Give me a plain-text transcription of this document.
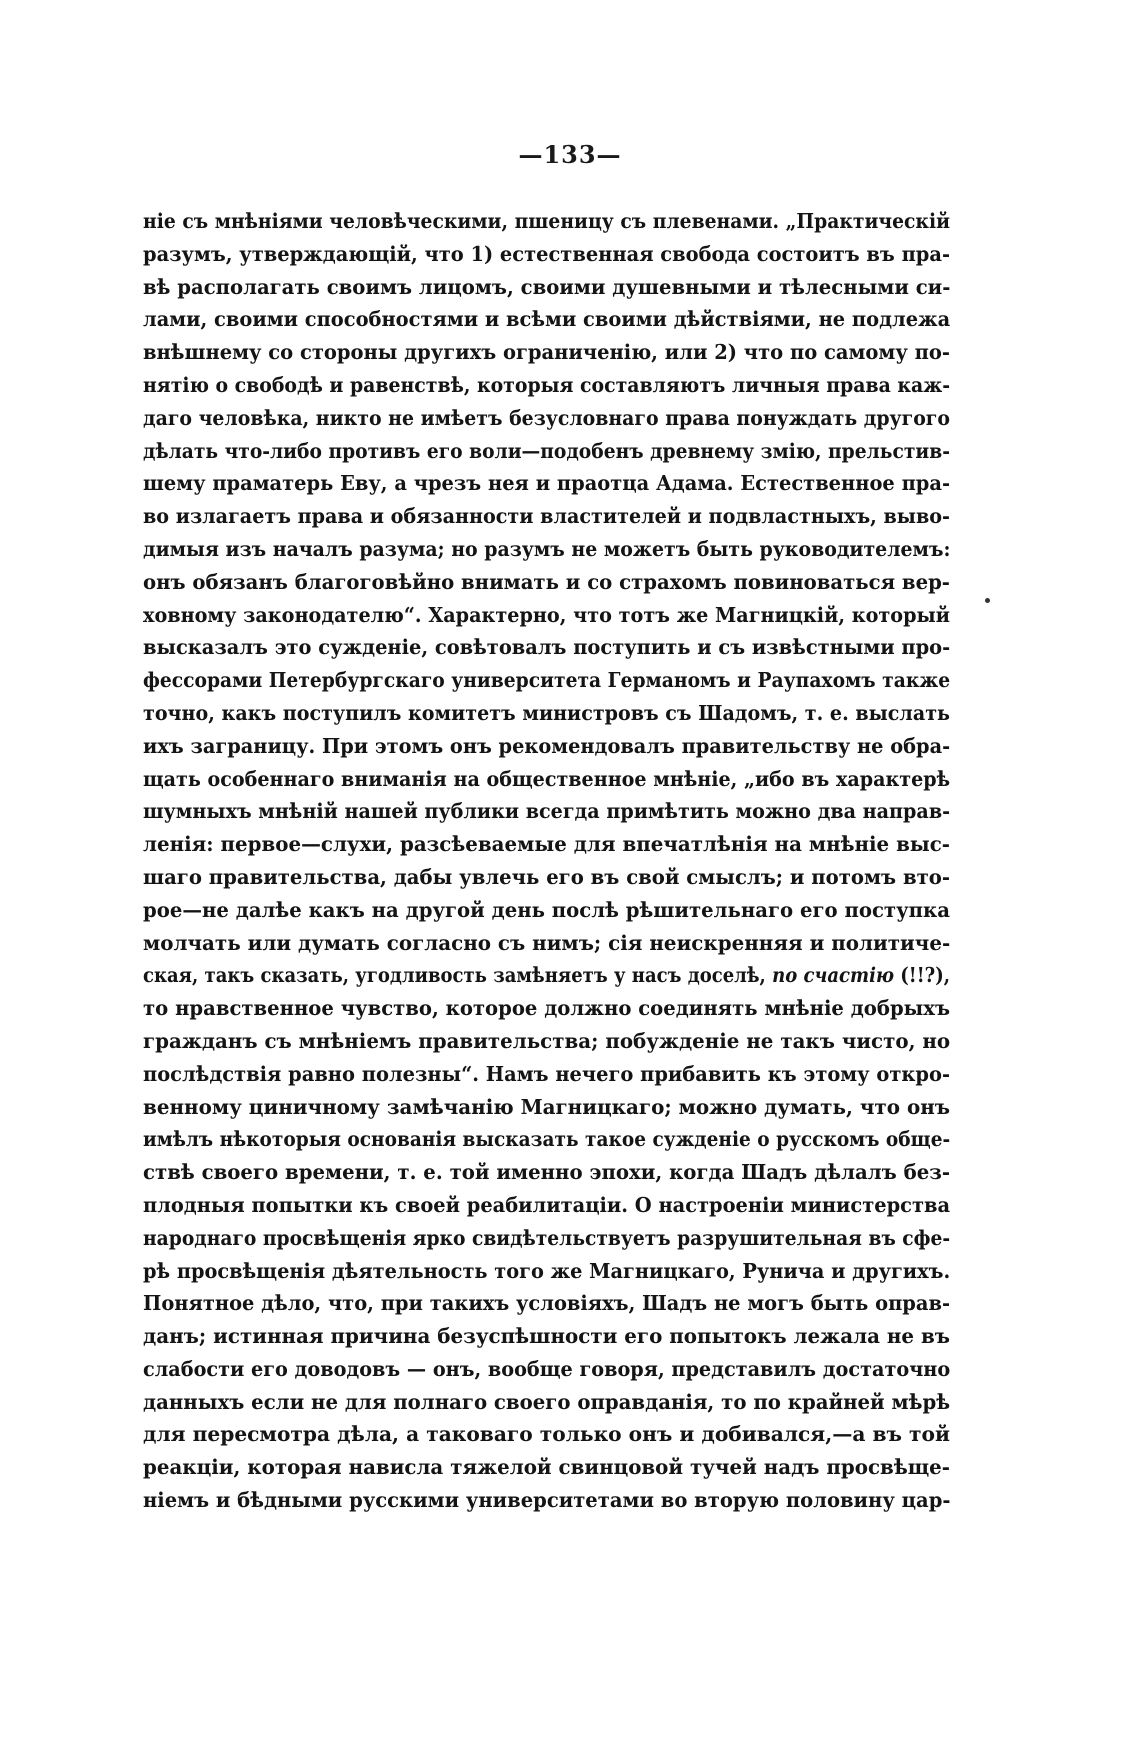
—133—
ніе съ мнѣніями человѣческими, пшеницу съ плевенами. „Практическій
разумъ, утверждающій, что 1) естественная свобода состоитъ въ пра-
вѣ располагать своимъ лицомъ, своими душевными и тѣлесными си-
лами, своими способностями и всѣми своими дѣйствіями, не подлежа
внѣшнему со стороны другихъ ограниченію, или 2) что по самому по-
нятію о свободѣ и равенствѣ, которыя составляютъ личныя права каж-
даго человѣка, никто не имѣетъ безусловнаго права понуждать другого
дѣлать что-либо противъ его воли—подобенъ древнему змію, прельстив-
шему праматерь Еву, а чрезъ нея и праотца Адама. Естественное пра-
во излагаетъ права и обязанности властителей и подвластныхъ, выво-
димыя изъ началъ разума; но разумъ не можетъ быть руководителемъ:
онъ обязанъ благоговѣйно внимать и со страхомъ повиноваться вер-
ховному законодателю“. Характерно, что тотъ же Магницкій, который
высказалъ это сужденіе, совѣтовалъ поступить и съ извѣстными про-
фессорами Петербургскаго университета Германомъ и Раупахомъ также
точно, какъ поступилъ комитетъ министровъ съ Шадомъ, т. е. выслать
ихъ заграницу. При этомъ онъ рекомендовалъ правительству не обра-
щать особеннаго вниманія на общественное мнѣніе, „ибо въ характерѣ
шумныхъ мнѣній нашей публики всегда примѣтить можно два направ-
ленія: первое—слухи, разсѣеваемые для впечатлѣнія на мнѣніе выс-
шаго правительства, дабы увлечь его въ свой смыслъ; и потомъ вто-
рое—не далѣе какъ на другой день послѣ рѣшительнаго его поступка
молчать или думать согласно съ нимъ; сія неискренняя и политиче-
ская, такъ сказать, угодливость замѣняетъ у насъ доселѣ, по счастію (!!?),
то нравственное чувство, которое должно соединять мнѣніе добрыхъ
гражданъ съ мнѣніемъ правительства; побужденіе не такъ чисто, но
послѣдствія равно полезны“. Намъ нечего прибавить къ этому откро-
венному циничному замѣчанію Магницкаго; можно думать, что онъ
имѣлъ нѣкоторыя основанія высказать такое сужденіе о русскомъ обще-
ствѣ своего времени, т. е. той именно эпохи, когда Шадъ дѣлалъ без-
плодныя попытки къ своей реабилитаціи. О настроеніи министерства
народнаго просвѣщенія ярко свидѣтельствуетъ разрушительная въ сфе-
рѣ просвѣщенія дѣятельность того же Магницкаго, Рунича и другихъ.
Понятное дѣло, что, при такихъ условіяхъ, Шадъ не могъ быть оправ-
данъ; истинная причина безуспѣшности его попытокъ лежала не въ
слабости его доводовъ — онъ, вообще говоря, представилъ достаточно
данныхъ если не для полнаго своего оправданія, то по крайней мѣрѣ
для пересмотра дѣла, а таковаго только онъ и добивался,—а въ той
реакціи, которая нависла тяжелой свинцовой тучей надъ просвѣще-
ніемъ и бѣдными русскими университетами во вторую половину цар-
